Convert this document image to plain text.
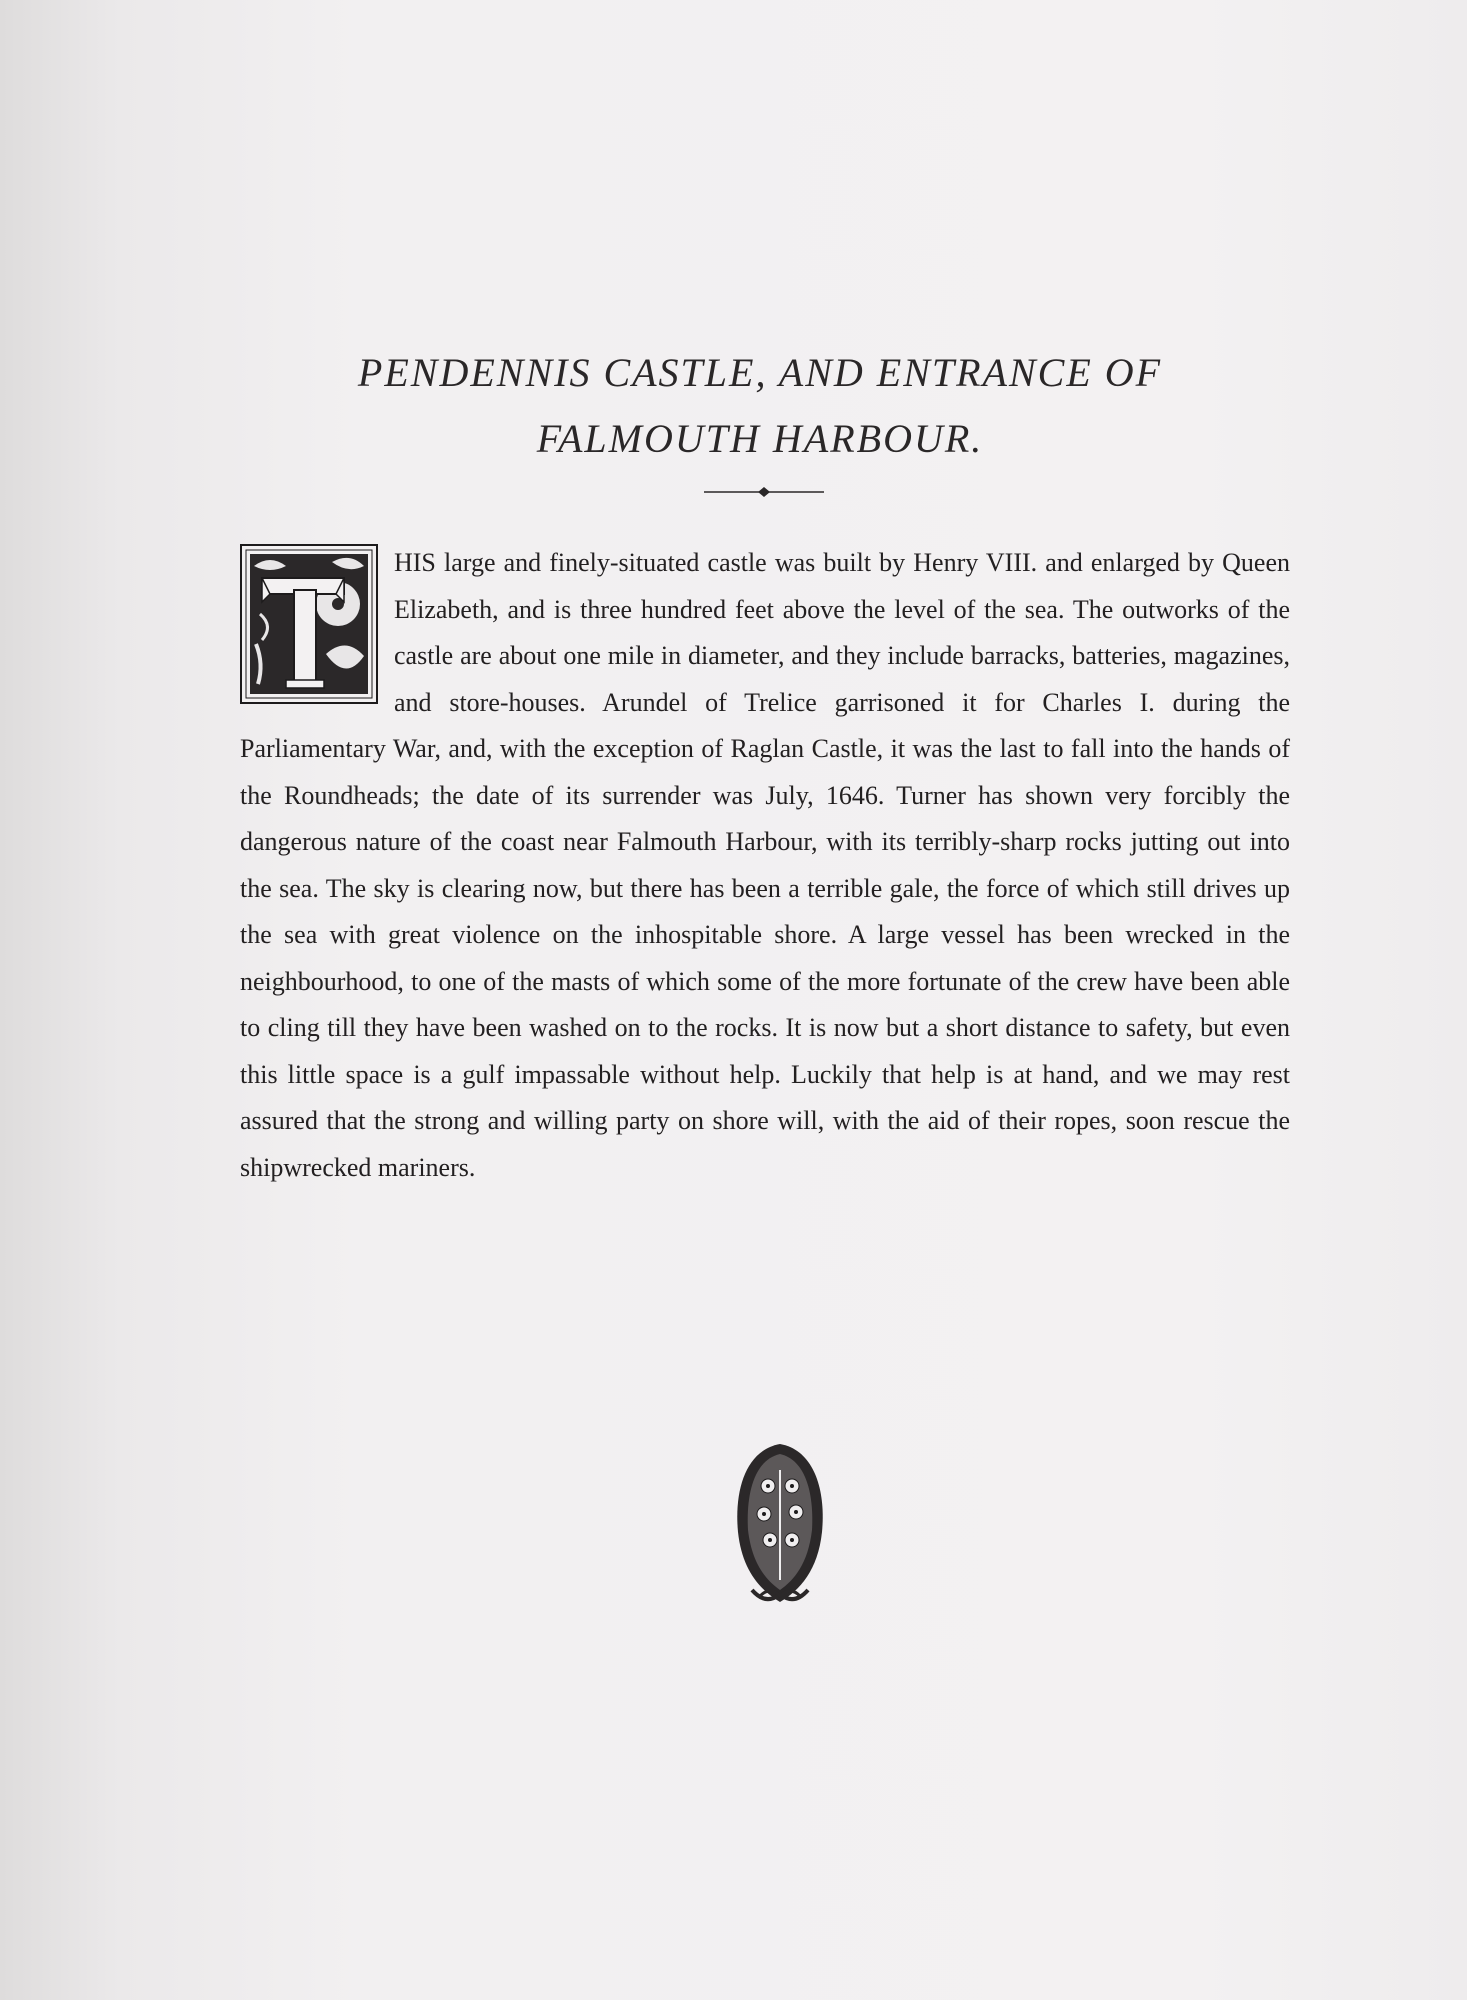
PENDENNIS CASTLE, AND ENTRANCE OF
FALMOUTH HARBOUR.
HIS large and finely-situated castle was built by Henry VIII. and enlarged by Queen Elizabeth, and is three hundred feet above the level of the sea. The outworks of the castle are about one mile in diameter, and they include barracks, batteries, magazines, and store-houses. Arundel of Trelice garrisoned it for Charles I. during the Parliamentary War, and, with the exception of Raglan Castle, it was the last to fall into the hands of the Roundheads; the date of its surrender was July, 1646. Turner has shown very forcibly the dangerous nature of the coast near Falmouth Harbour, with its terribly-sharp rocks jutting out into the sea. The sky is clearing now, but there has been a terrible gale, the force of which still drives up the sea with great violence on the inhospitable shore. A large vessel has been wrecked in the neighbourhood, to one of the masts of which some of the more fortunate of the crew have been able to cling till they have been washed on to the rocks. It is now but a short distance to safety, but even this little space is a gulf impassable without help. Luckily that help is at hand, and we may rest assured that the strong and willing party on shore will, with the aid of their ropes, soon rescue the shipwrecked mariners.
